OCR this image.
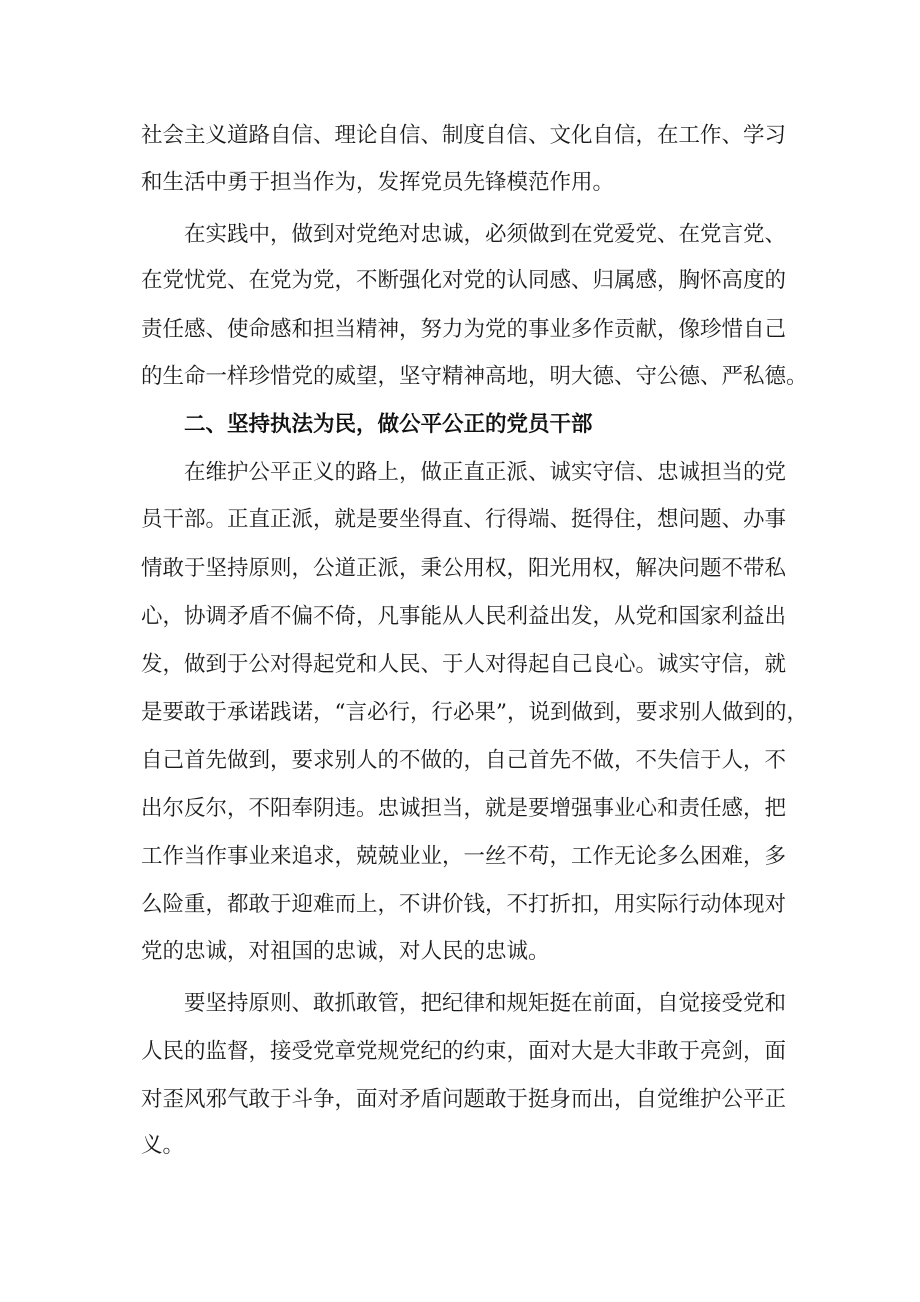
社会主义道路自信、理论自信、制度自信、文化自信，在工作、学习
和生活中勇于担当作为，发挥党员先锋模范作用。
在实践中，做到对党绝对忠诚，必须做到在党爱党、在党言党、
在党忧党、在党为党，不断强化对党的认同感、归属感，胸怀高度的
责任感、使命感和担当精神，努力为党的事业多作贡献，像珍惜自己
的生命一样珍惜党的威望，坚守精神高地，明大德、守公德、严私德。
二、坚持执法为民，做公平公正的党员干部
在维护公平正义的路上，做正直正派、诚实守信、忠诚担当的党
员干部。正直正派，就是要坐得直、行得端、挺得住，想问题、办事
情敢于坚持原则，公道正派，秉公用权，阳光用权，解决问题不带私
心，协调矛盾不偏不倚，凡事能从人民利益出发，从党和国家利益出
发，做到于公对得起党和人民、于人对得起自己良心。诚实守信，就
是要敢于承诺践诺，“言必行，行必果”，说到做到，要求别人做到的，
自己首先做到，要求别人的不做的，自己首先不做，不失信于人，不
出尔反尔，不阳奉阴违。忠诚担当，就是要增强事业心和责任感，把
工作当作事业来追求，兢兢业业，一丝不苟，工作无论多么困难，多
么险重，都敢于迎难而上，不讲价钱，不打折扣，用实际行动体现对
党的忠诚，对祖国的忠诚，对人民的忠诚。
要坚持原则、敢抓敢管，把纪律和规矩挺在前面，自觉接受党和
人民的监督，接受党章党规党纪的约束，面对大是大非敢于亮剑，面
对歪风邪气敢于斗争，面对矛盾问题敢于挺身而出，自觉维护公平正
义。
